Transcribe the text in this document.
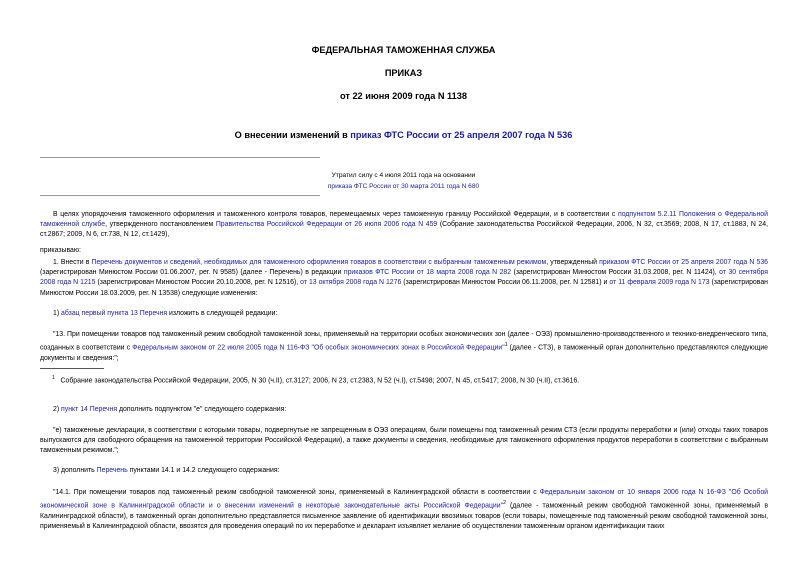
ФЕДЕРАЛЬНАЯ ТАМОЖЕННАЯ СЛУЖБА
ПРИКАЗ
от 22 июня 2009 года N 1138
О внесении изменений в приказ ФТС России от 25 апреля 2007 года N 536
Утратил силу с 4 июля 2011 года на основании
приказа ФТС России от 30 марта 2011 года N 680
В целях упорядочения таможенного оформления и таможенного контроля товаров, перемещаемых через таможенную границу Российской Федерации, и в соответствии с подпунктом 5.2.11 Положения о Федеральной таможенной службе, утвержденного постановлением Правительства Российской Федерации от 26 июля 2006 года N 459 (Собрание законодательства Российской Федерации, 2006, N 32, ст.3569; 2008, N 17, ст.1883, N 24, ст.2867; 2009, N 6, ст.738, N 12, ст.1429),
приказываю:
1. Внести в Перечень документов и сведений, необходимых для таможенного оформления товаров в соответствии с выбранным таможенным режимом, утвержденный приказом ФТС России от 25 апреля 2007 года N 536 (зарегистрирован Минюстом России 01.06.2007, рег. N 9585) (далее - Перечень) в редакции приказов ФТС России от 18 марта 2008 года N 282 (зарегистрирован Минюстом России 31.03.2008, рег. N 11424), от 30 сентября 2008 года N 1215 (зарегистрирован Минюстом России 20.10.2008, рег. N 12516), от 13 октября 2008 года N 1276 (зарегистрирован Минюстом России 06.11.2008, рег. N 12581) и от 11 февраля 2009 года N 173 (зарегистрирован Минюстом России 18.03.2009, рег. N 13538) следующие изменения:
1) абзац первый пункта 13 Перечня изложить в следующей редакции:
"13. При помещении товаров под таможенный режим свободной таможенной зоны, применяемый на территории особых экономических зон (далее - ОЭЗ) промышленно-производственного и технико-внедренческого типа, созданных в соответствии с Федеральным законом от 22 июля 2005 года N 116-ФЗ "Об особых экономических зонах в Российской Федерации"$^1$ (далее - СТЗ), в таможенный орган дополнительно представляются следующие документы и сведения:";
$^1$ Собрание законодательства Российской Федерации, 2005, N 30 (ч.II), ст.3127; 2006, N 23, ст.2383, N 52 (ч.I), ст.5498; 2007, N 45, ст.5417; 2008, N 30 (ч.II), ст.3616.
2) пункт 14 Перечня дополнить подпунктом "е" следующего содержания:
"е) таможенные декларации, в соответствии с которыми товары, подвергнутые не запрещенным в ОЭЗ операциям, были помещены под таможенный режим СТЗ (если продукты переработки и (или) отходы таких товаров выпускаются для свободного обращения на таможенной территории Российской Федерации), а также документы и сведения, необходимые для таможенного оформления продуктов переработки в соответствии с выбранным таможенным режимом.";
3) дополнить Перечень пунктами 14.1 и 14.2 следующего содержания:
"14.1. При помещении товаров под таможенный режим свободной таможенной зоны, применяемый в Калининградской области в соответствии с Федеральным законом от 10 января 2006 года N 16-ФЗ "Об Особой экономической зоне в Калининградской области и о внесении изменений в некоторые законодательные акты Российской Федерации"$^2$ (далее - таможенный режим свободной таможенной зоны, применяемый в Калининградской области), в таможенный орган дополнительно представляется письменное заявление об идентификации ввозимых товаров (если товары, помещенные под таможенный режим свободной таможенной зоны, применяемый в Калининградской области, ввозятся для проведения операций по их переработке и декларант изъявляет желание об осуществлении таможенным органом идентификации таких
